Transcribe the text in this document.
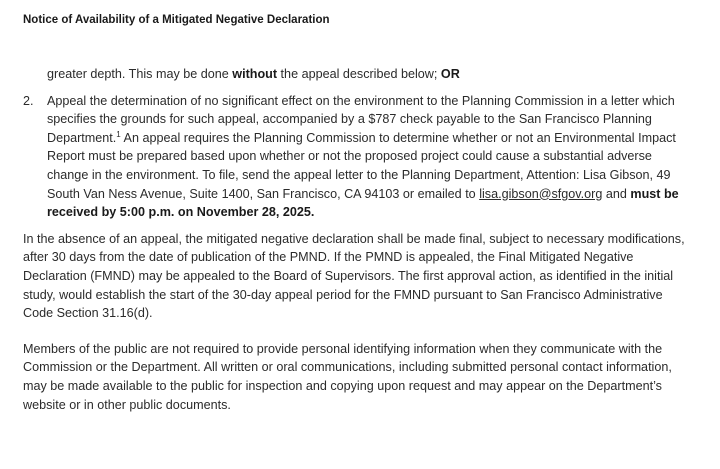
Notice of Availability of a Mitigated Negative Declaration
greater depth. This may be done without the appeal described below; OR
2.	Appeal the determination of no significant effect on the environment to the Planning Commission in a letter which specifies the grounds for such appeal, accompanied by a $787 check payable to the San Francisco Planning Department.$^1$ An appeal requires the Planning Commission to determine whether or not an Environmental Impact Report must be prepared based upon whether or not the proposed project could cause a substantial adverse change in the environment. To file, send the appeal letter to the Planning Department, Attention: Lisa Gibson, 49 South Van Ness Avenue, Suite 1400, San Francisco, CA 94103 or emailed to lisa.gibson@sfgov.org and must be received by 5:00 p.m. on November 28, 2025.

In the absence of an appeal, the mitigated negative declaration shall be made final, subject to necessary modifications, after 30 days from the date of publication of the PMND. If the PMND is appealed, the Final Mitigated Negative Declaration (FMND) may be appealed to the Board of Supervisors. The first approval action, as identified in the initial study, would establish the start of the 30-day appeal period for the FMND pursuant to San Francisco Administrative Code Section 31.16(d).

Members of the public are not required to provide personal identifying information when they communicate with the Commission or the Department. All written or oral communications, including submitted personal contact information, may be made available to the public for inspection and copying upon request and may appear on the Department’s website or in other public documents.
